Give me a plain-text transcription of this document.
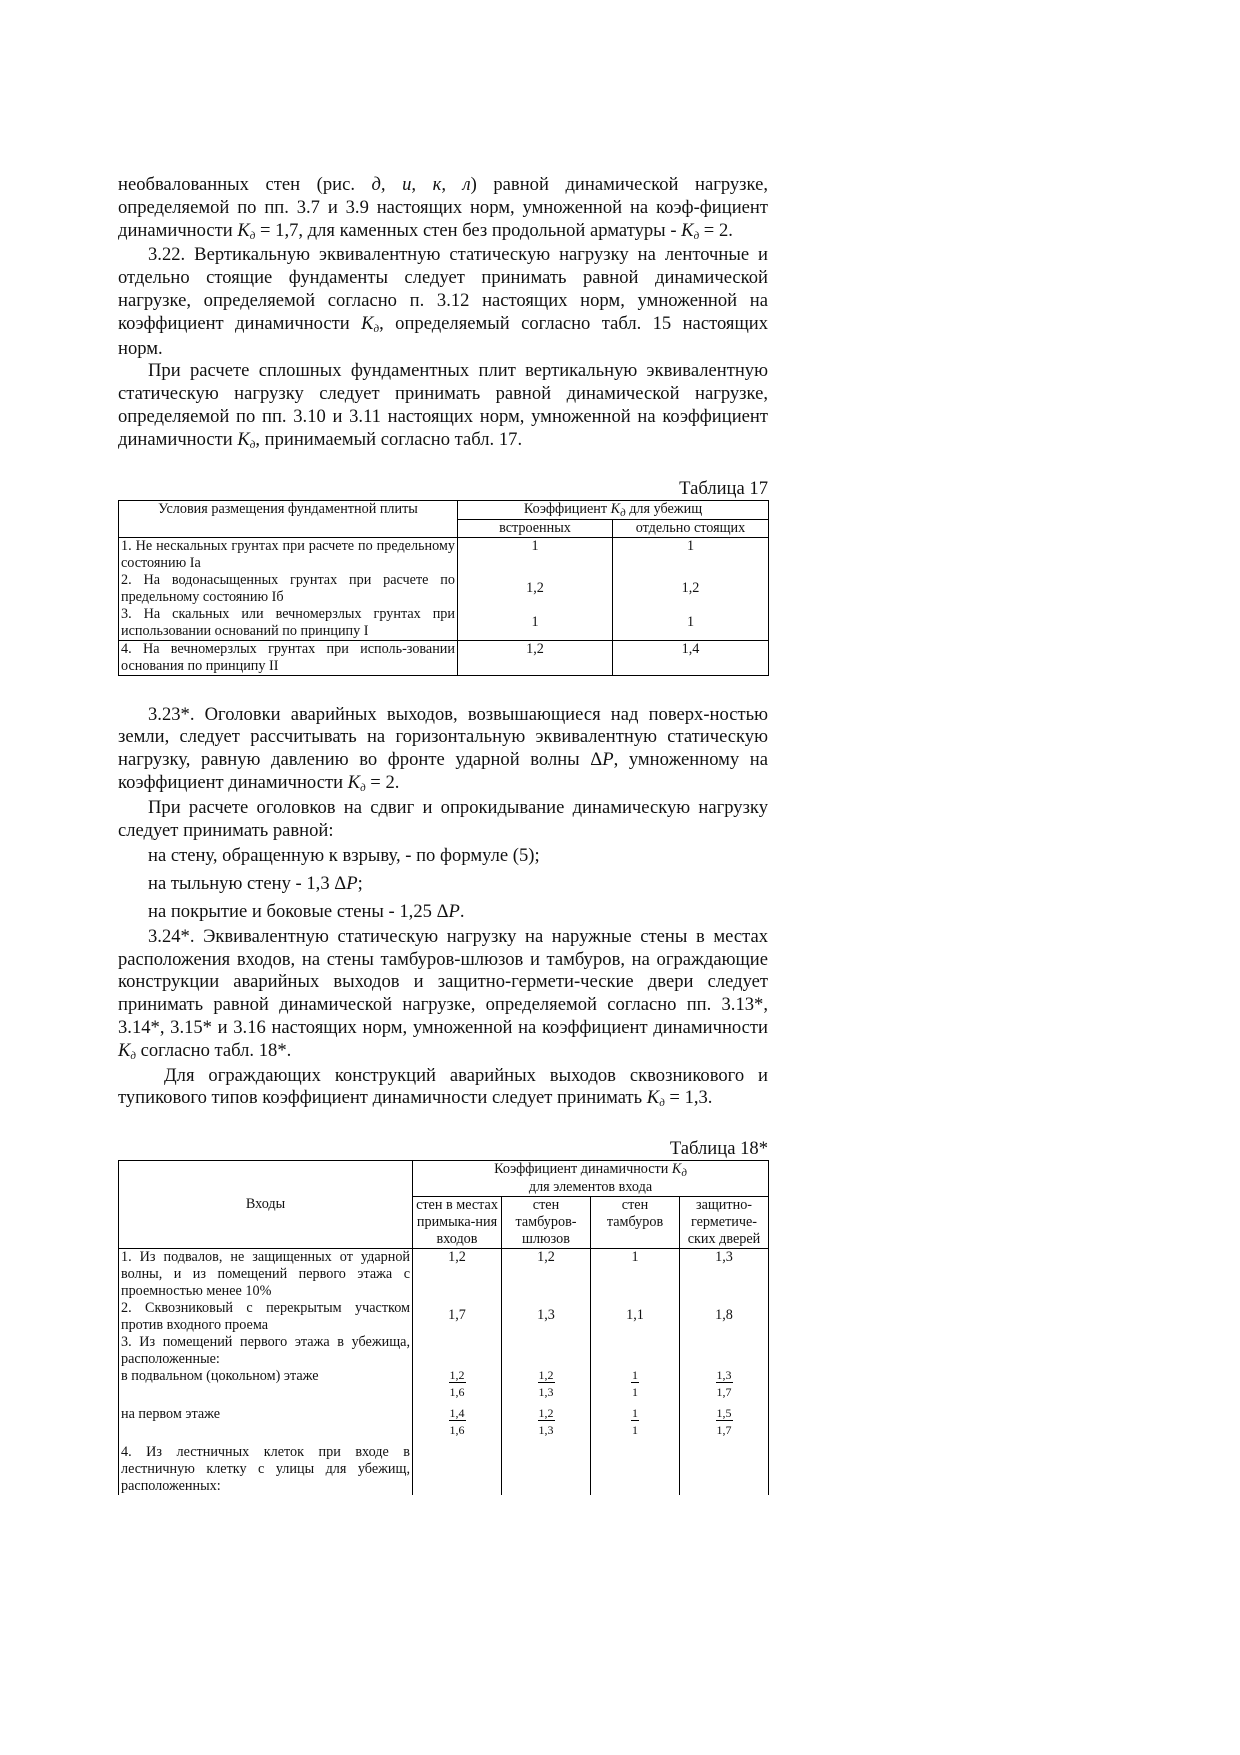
необвалованных стен (рис. д, и, к, л) равной динамической нагрузке, определяемой по пп. 3.7 и 3.9 настоящих норм, умноженной на коэф-фициент динамичности Kд = 1,7, для каменных стен без продольной арматуры - Kд = 2.

3.22. Вертикальную эквивалентную статическую нагрузку на ленточные и отдельно стоящие фундаменты следует принимать равной динамической нагрузке, определяемой согласно п. 3.12 настоящих норм, умноженной на коэффициент динамичности Kд, определяемый согласно табл. 15 настоящих норм.

При расчете сплошных фундаментных плит вертикальную эквивалентную статическую нагрузку следует принимать равной динамической нагрузке, определяемой по пп. 3.10 и 3.11 настоящих норм, умноженной на коэффициент динамичности Kд, принимаемый согласно табл. 17.

Таблица 17
Условия размещения фундаментной плиты	Коэффициент $K_д$ для убежищ	
	встроенных	отдельно стоящих
1. Не нескальных грунтах при расчете по предельному состоянию Iа	1	1
2. На водонасыщенных грунтах при расчете по предельному состоянию Iб	1,2	1,2
3. На скальных или вечномерзлых грунтах при использовании оснований по принципу I	1	1
4. На вечномерзлых грунтах при исполь-зовании основания по принципу II	1,2	1,4

3.23*. Оголовки аварийных выходов, возвышающиеся над поверх-ностью земли, следует рассчитывать на горизонтальную эквивалентную статическую нагрузку, равную давлению во фронте ударной волны ΔP, умноженному на коэффициент динамичности Kд = 2.

При расчете оголовков на сдвиг и опрокидывание динамическую нагрузку следует принимать равной:

на стену, обращенную к взрыву, - по формуле (5);

на тыльную стену - 1,3 ΔP;

на покрытие и боковые стены - 1,25 ΔP.

3.24*. Эквивалентную статическую нагрузку на наружные стены в местах расположения входов, на стены тамбуров-шлюзов и тамбуров, на ограждающие конструкции аварийных выходов и защитно-гермети-ческие двери следует принимать равной динамической нагрузке, определяемой согласно пп. 3.13*, 3.14*, 3.15* и 3.16 настоящих норм, умноженной на коэффициент динамичности Kд согласно табл. 18*.

Для ограждающих конструкций аварийных выходов сквозникового и тупикового типов коэффициент динамичности следует принимать Kд = 1,3.

Таблица 18*
Входы	Коэффициент динамичности $K_д$
для элементов входа			
	стен в местах примыка-ния входов	стен тамбуров-шлюзов	стен тамбуров	защитно-герметиче-ских дверей
1. Из подвалов, не защищенных от ударной волны, и из помещений первого этажа с проемностью менее 10%	1,2	1,2	1	1,3
2. Сквозниковый с перекрытым участком против входного проема	1,7	1,3	1,1	1,8
3. Из помещений первого этажа в убежища, расположенные:				
в подвальном (цокольном) этаже	$\frac{1,2}{1,6}$	$\frac{1,2}{1,3}$	$\frac{1}{1}$	$\frac{1,3}{1,7}$

на первом этаже	$\frac{1,4}{1,6}$	$\frac{1,2}{1,3}$	$\frac{1}{1}$	$\frac{1,5}{1,7}$

4. Из лестничных клеток при входе в лестничную клетку с улицы для убежищ, расположенных:				
